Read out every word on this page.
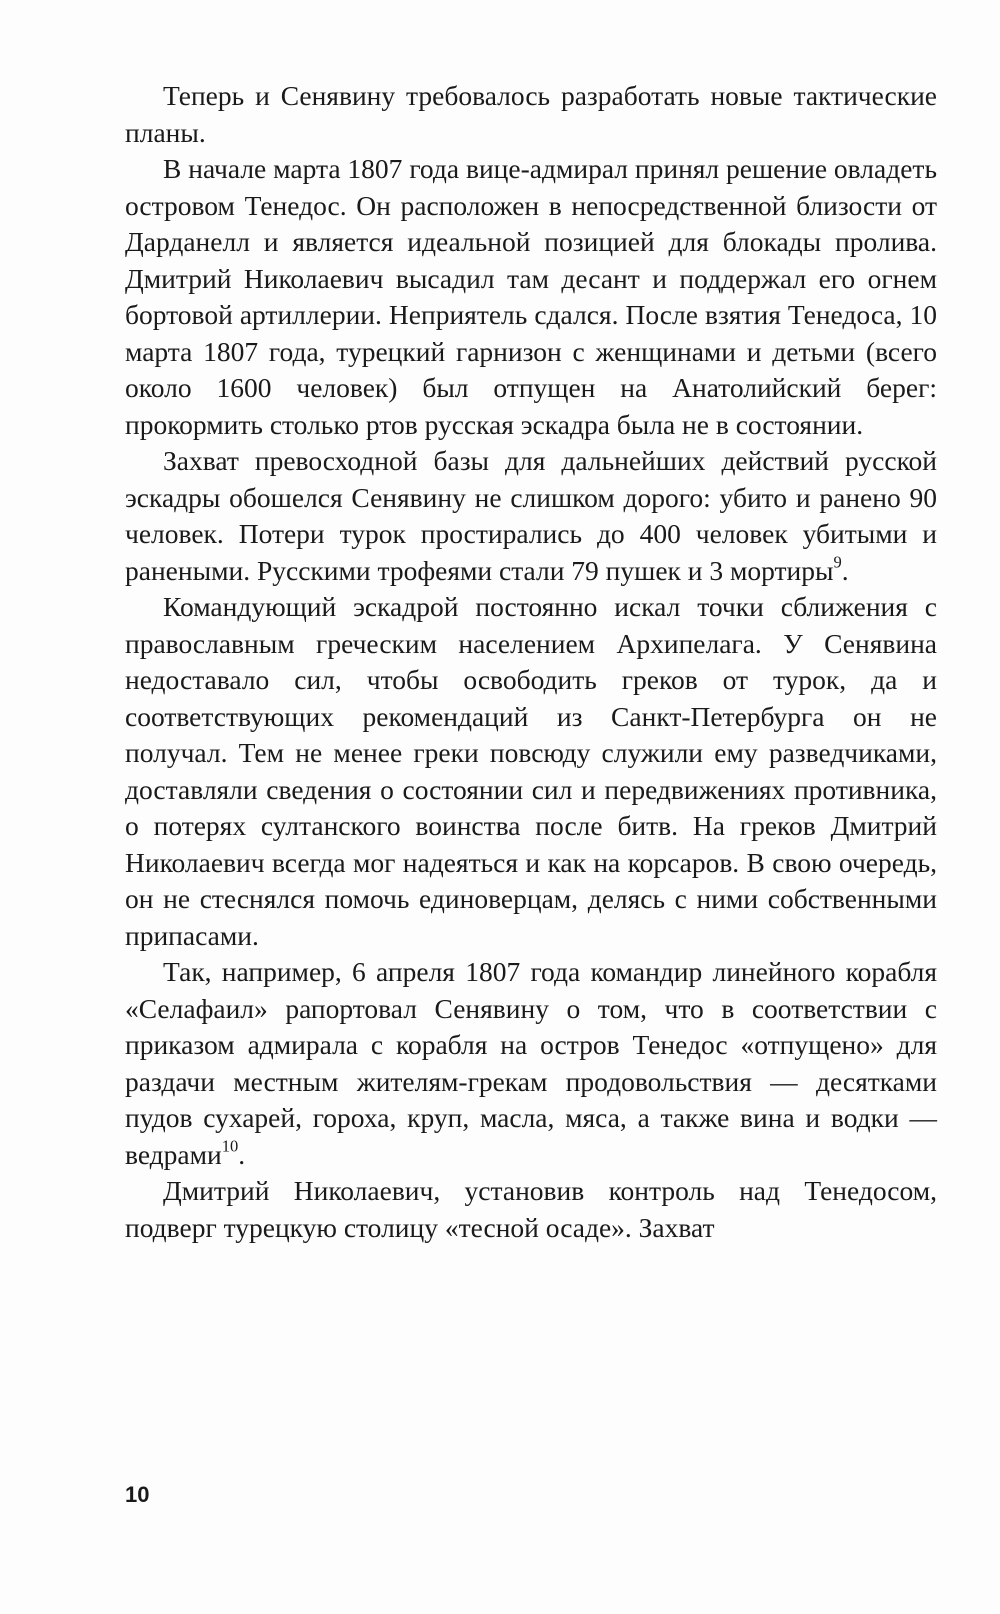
Теперь и Сенявину требовалось разработать новые тактические планы.

В начале марта 1807 года вице-адмирал принял решение овладеть островом Тенедос. Он расположен в непосредственной близости от Дарданелл и является идеальной позицией для блокады пролива. Дмитрий Николаевич высадил там десант и поддержал его огнем бортовой артиллерии. Неприятель сдался. После взятия Тенедоса, 10 марта 1807 года, турецкий гарнизон с женщинами и детьми (всего около 1600 человек) был отпущен на Анатолийский берег: прокормить столько ртов русская эскадра была не в состоянии.

Захват превосходной базы для дальнейших действий русской эскадры обошелся Сенявину не слишком дорого: убито и ранено 90 человек. Потери турок простирались до 400 человек убитыми и ранеными. Русскими трофеями стали 79 пушек и 3 мортиры$^9$.

Командующий эскадрой постоянно искал точки сближения с православным греческим населением Архипелага. У Сенявина недоставало сил, чтобы освободить греков от турок, да и соответствующих рекомендаций из Санкт-Петербурга он не получал. Тем не менее греки повсюду служили ему разведчиками, доставляли сведения о состоянии сил и передвижениях противника, о потерях султанского воинства после битв. На греков Дмитрий Николаевич всегда мог надеяться и как на корсаров. В свою очередь, он не стеснялся помочь единоверцам, делясь с ними собственными припасами.

Так, например, 6 апреля 1807 года командир линейного корабля «Селафаил» рапортовал Сенявину о том, что в соответствии с приказом адмирала с корабля на остров Тенедос «отпущено» для раздачи местным жителям-грекам продовольствия — десятками пудов сухарей, гороха, круп, масла, мяса, а также вина и водки — ведрами$^{10}$.

Дмитрий Николаевич, установив контроль над Тенедосом, подверг турецкую столицу «тесной осаде». Захват

10
